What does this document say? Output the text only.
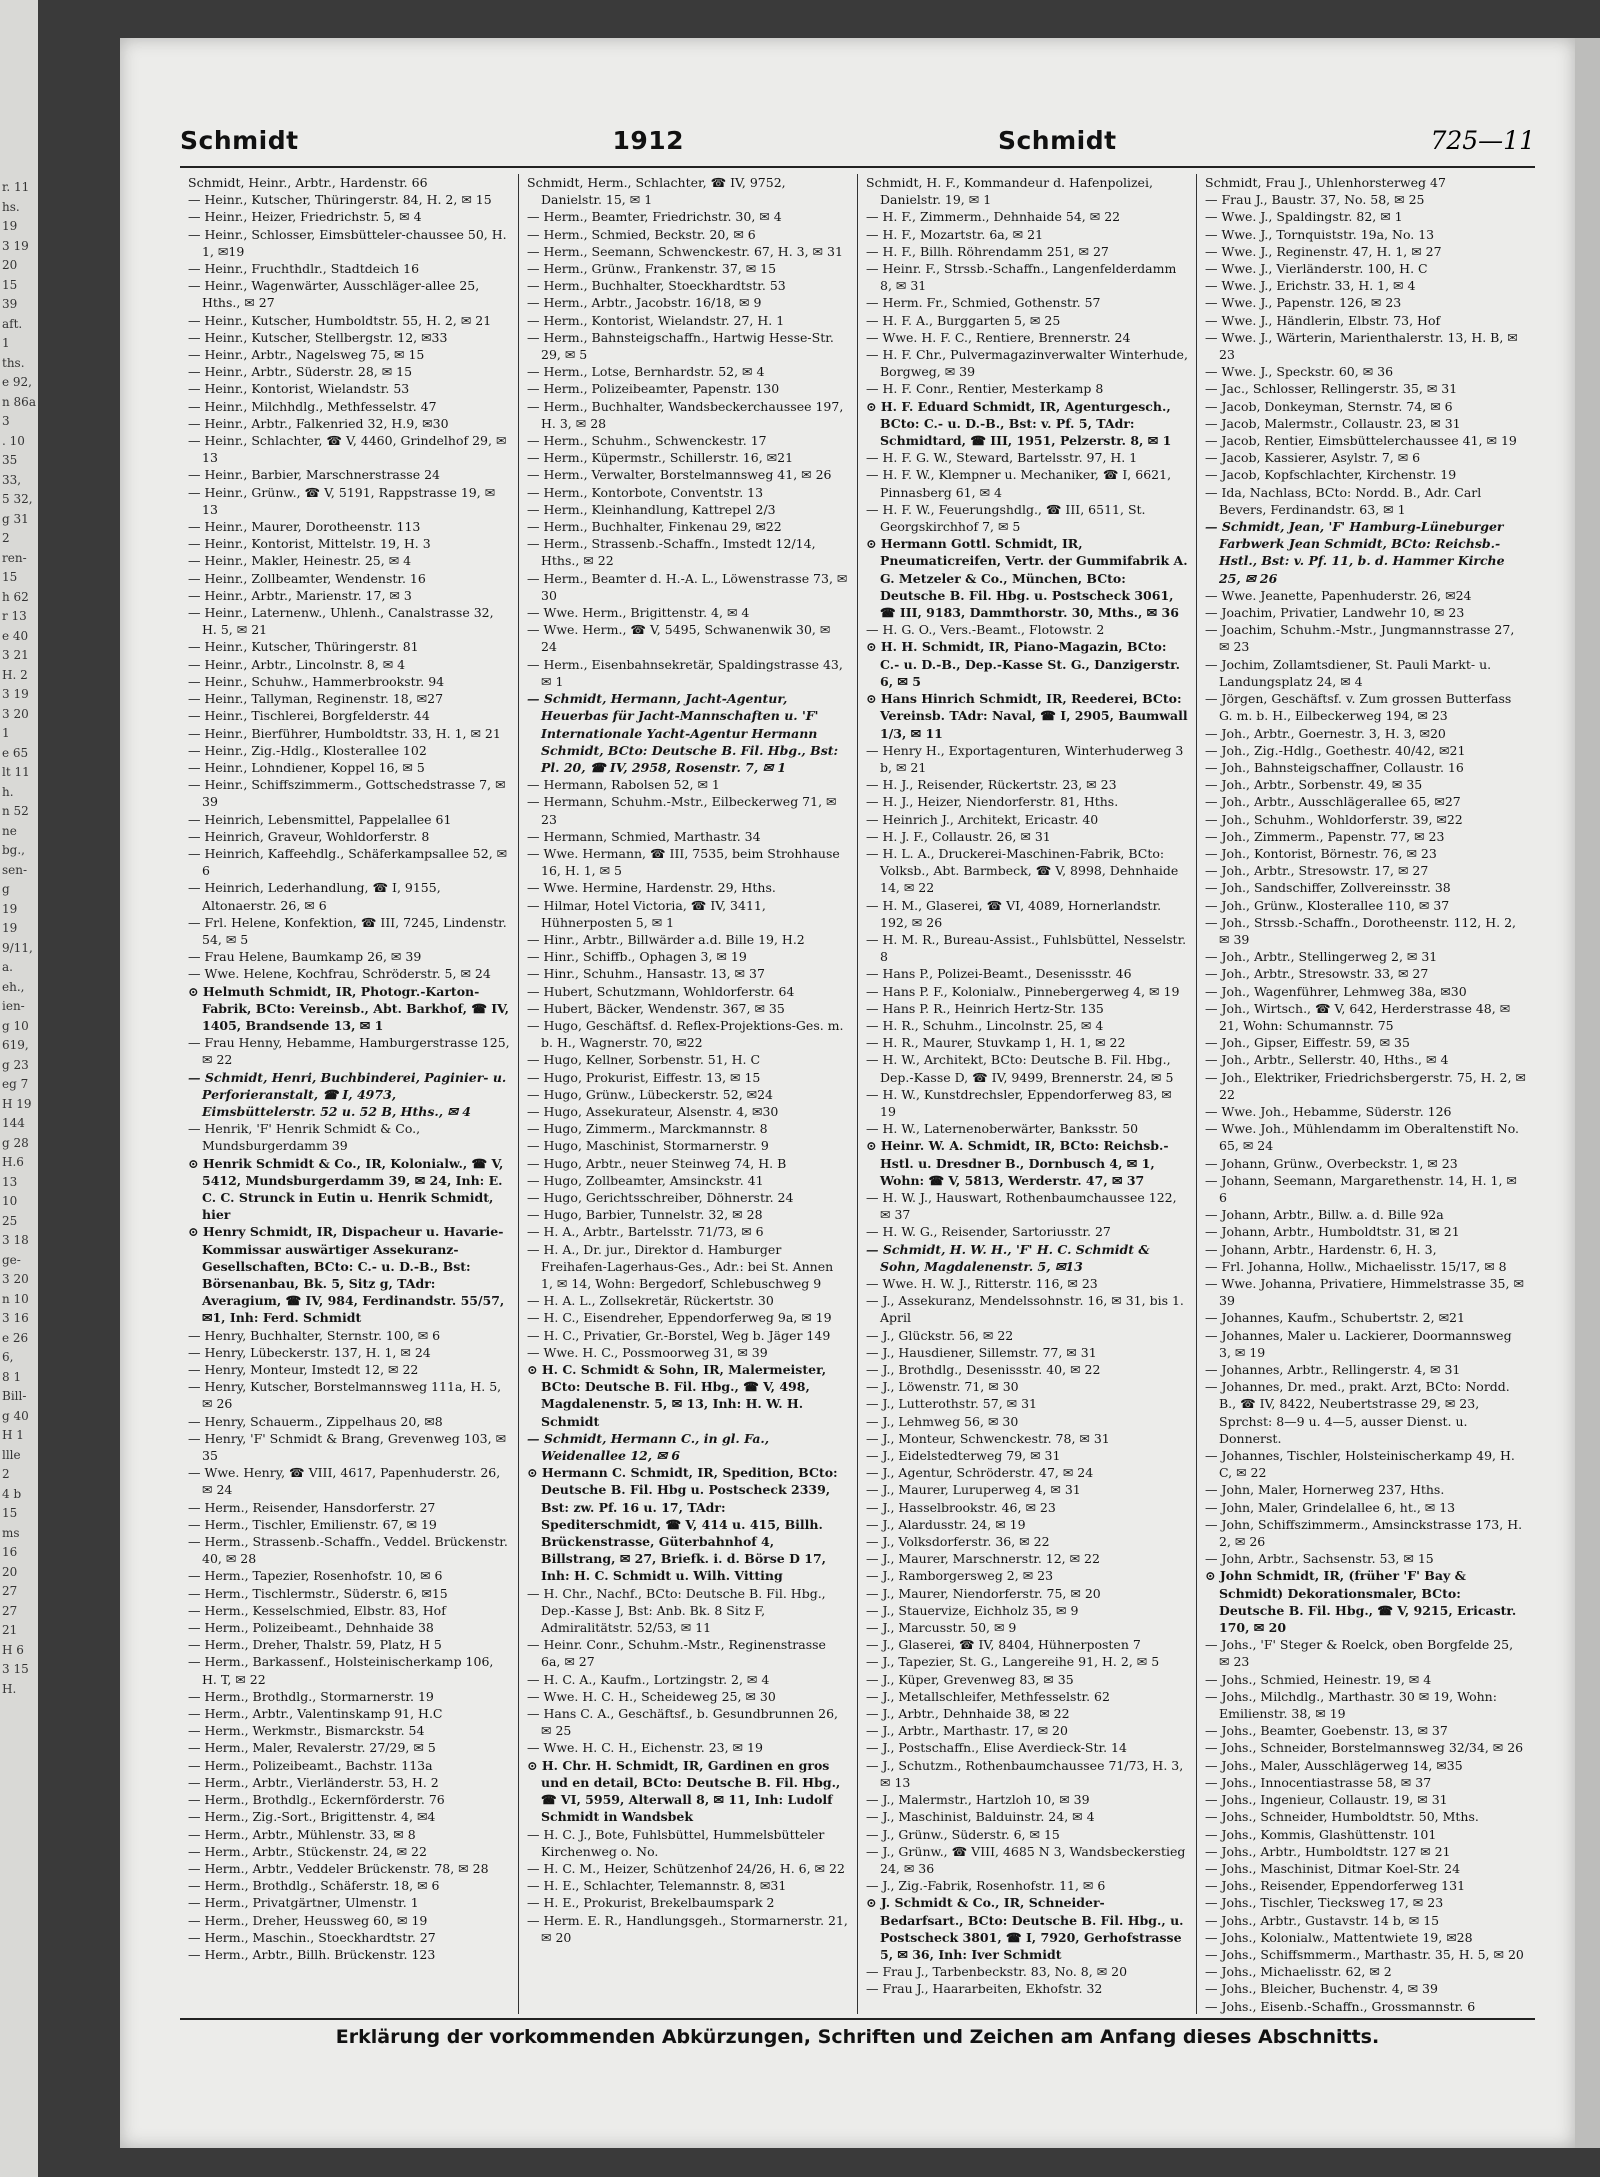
r. 11
hs.
19
3 19
20
15
39
aft.
1
ths.
e 92,
n 86a
3
. 10
35
33,
5 32,
g 31
2
ren-
15
h 62
r 13
e 40
3 21
H. 2
3 19
3 20
1
e 65
lt 11
h.
n 52
ne
bg.,
sen-
g
19
19
9/11,
a.
eh.,
ien-
g 10
619,
g 23
eg 7
H 19
144
g 28
H.6
13
10
25
3 18
ge-
3 20
n 10
3 16
e 26
6,
8 1
Bill-
g 40
H 1
llle
2
4 b
15
ms
16
20
27
27
21
H 6
3 15
H.
Schmidt	1912	Schmidt	725—11

Schmidt, Heinr., Arbtr., Hardenstr. 66

— Heinr., Kutscher, Thüringerstr. 84, H. 2, ✉ 15

— Heinr., Heizer, Friedrichstr. 5, ✉ 4

— Heinr., Schlosser, Eimsbütteler-chaussee 50, H. 1, ✉19

— Heinr., Fruchthdlr., Stadtdeich 16

— Heinr., Wagenwärter, Ausschläger-allee 25, Hths., ✉ 27

— Heinr., Kutscher, Humboldtstr. 55, H. 2, ✉ 21

— Heinr., Kutscher, Stellbergstr. 12, ✉33

— Heinr., Arbtr., Nagelsweg 75, ✉ 15

— Heinr., Arbtr., Süderstr. 28, ✉ 15

— Heinr., Kontorist, Wielandstr. 53

— Heinr., Milchhdlg., Methfesselstr. 47

— Heinr., Arbtr., Falkenried 32, H.9, ✉30

— Heinr., Schlachter, ☎ V, 4460, Grindelhof 29, ✉ 13

— Heinr., Barbier, Marschnerstrasse 24

— Heinr., Grünw., ☎ V, 5191, Rappstrasse 19, ✉ 13

— Heinr., Maurer, Dorotheenstr. 113

— Heinr., Kontorist, Mittelstr. 19, H. 3

— Heinr., Makler, Heinestr. 25, ✉ 4

— Heinr., Zollbeamter, Wendenstr. 16

— Heinr., Arbtr., Marienstr. 17, ✉ 3

— Heinr., Laternenw., Uhlenh., Canalstrasse 32, H. 5, ✉ 21

— Heinr., Kutscher, Thüringerstr. 81

— Heinr., Arbtr., Lincolnstr. 8, ✉ 4

— Heinr., Schuhw., Hammerbrookstr. 94

— Heinr., Tallyman, Reginenstr. 18, ✉27

— Heinr., Tischlerei, Borgfelderstr. 44

— Heinr., Bierführer, Humboldtstr. 33, H. 1, ✉ 21

— Heinr., Zig.-Hdlg., Klosterallee 102

— Heinr., Lohndiener, Koppel 16, ✉ 5

— Heinr., Schiffszimmerm., Gottschedstrasse 7, ✉ 39

— Heinrich, Lebensmittel, Pappelallee 61

— Heinrich, Graveur, Wohldorferstr. 8

— Heinrich, Kaffeehdlg., Schäferkampsallee 52, ✉ 6

— Heinrich, Lederhandlung, ☎ I, 9155, Altonaerstr. 26, ✉ 6

— Frl. Helene, Konfektion, ☎ III, 7245, Lindenstr. 54, ✉ 5

— Frau Helene, Baumkamp 26, ✉ 39

— Wwe. Helene, Kochfrau, Schröderstr. 5, ✉ 24

⊙ Helmuth Schmidt, IR, Photogr.-Karton-Fabrik, BCto: Vereinsb., Abt. Barkhof, ☎ IV, 1405, Brandsende 13, ✉ 1

— Frau Henny, Hebamme, Hamburgerstrasse 125, ✉ 22

— Schmidt, Henri, Buchbinderei, Paginier- u. Perforieranstalt, ☎ I, 4973, Eimsbüttelerstr. 52 u. 52 B, Hths., ✉ 4

— Henrik, 'F' Henrik Schmidt & Co., Mundsburgerdamm 39

⊙ Henrik Schmidt & Co., IR, Kolonialw., ☎ V, 5412, Mundsburgerdamm 39, ✉ 24, Inh: E. C. C. Strunck in Eutin u. Henrik Schmidt, hier

⊙ Henry Schmidt, IR, Dispacheur u. Havarie-Kommissar auswärtiger Assekuranz-Gesellschaften, BCto: C.- u. D.-B., Bst: Börsenanbau, Bk. 5, Sitz g, TAdr: Averagium, ☎ IV, 984, Ferdinandstr. 55/57, ✉1, Inh: Ferd. Schmidt

— Henry, Buchhalter, Sternstr. 100, ✉ 6

— Henry, Lübeckerstr. 137, H. 1, ✉ 24

— Henry, Monteur, Imstedt 12, ✉ 22

— Henry, Kutscher, Borstelmannsweg 111a, H. 5, ✉ 26

— Henry, Schauerm., Zippelhaus 20, ✉8

— Henry, 'F' Schmidt & Brang, Grevenweg 103, ✉ 35

— Wwe. Henry, ☎ VIII, 4617, Papenhuderstr. 26, ✉ 24

— Herm., Reisender, Hansdorferstr. 27

— Herm., Tischler, Emilienstr. 67, ✉ 19

— Herm., Strassenb.-Schaffn., Veddel. Brückenstr. 40, ✉ 28

— Herm., Tapezier, Rosenhofstr. 10, ✉ 6

— Herm., Tischlermstr., Süderstr. 6, ✉15

— Herm., Kesselschmied, Elbstr. 83, Hof

— Herm., Polizeibeamt., Dehnhaide 38

— Herm., Dreher, Thalstr. 59, Platz, H 5

— Herm., Barkassenf., Holsteinischerkamp 106, H. T, ✉ 22

— Herm., Brothdlg., Stormarnerstr. 19

— Herm., Arbtr., Valentinskamp 91, H.C

— Herm., Werkmstr., Bismarckstr. 54

— Herm., Maler, Revalerstr. 27/29, ✉ 5

— Herm., Polizeibeamt., Bachstr. 113a

— Herm., Arbtr., Vierländerstr. 53, H. 2

— Herm., Brothdlg., Eckernförderstr. 76

— Herm., Zig.-Sort., Brigittenstr. 4, ✉4

— Herm., Arbtr., Mühlenstr. 33, ✉ 8

— Herm., Arbtr., Stückenstr. 24, ✉ 22

— Herm., Arbtr., Veddeler Brückenstr. 78, ✉ 28

— Herm., Brothdlg., Schäferstr. 18, ✉ 6

— Herm., Privatgärtner, Ulmenstr. 1

— Herm., Dreher, Heussweg 60, ✉ 19

— Herm., Maschin., Stoeckhardtstr. 27

— Herm., Arbtr., Billh. Brückenstr. 123

Schmidt, Herm., Schlachter, ☎ IV, 9752, Danielstr. 15, ✉ 1

— Herm., Beamter, Friedrichstr. 30, ✉ 4

— Herm., Schmied, Beckstr. 20, ✉ 6

— Herm., Seemann, Schwenckestr. 67, H. 3, ✉ 31

— Herm., Grünw., Frankenstr. 37, ✉ 15

— Herm., Buchhalter, Stoeckhardtstr. 53

— Herm., Arbtr., Jacobstr. 16/18, ✉ 9

— Herm., Kontorist, Wielandstr. 27, H. 1

— Herm., Bahnsteigschaffn., Hartwig Hesse-Str. 29, ✉ 5

— Herm., Lotse, Bernhardstr. 52, ✉ 4

— Herm., Polizeibeamter, Papenstr. 130

— Herm., Buchhalter, Wandsbeckerchaussee 197, H. 3, ✉ 28

— Herm., Schuhm., Schwenckestr. 17

— Herm., Küpermstr., Schillerstr. 16, ✉21

— Herm., Verwalter, Borstelmannsweg 41, ✉ 26

— Herm., Kontorbote, Conventstr. 13

— Herm., Kleinhandlung, Kattrepel 2/3

— Herm., Buchhalter, Finkenau 29, ✉22

— Herm., Strassenb.-Schaffn., Imstedt 12/14, Hths., ✉ 22

— Herm., Beamter d. H.-A. L., Löwenstrasse 73, ✉ 30

— Wwe. Herm., Brigittenstr. 4, ✉ 4

— Wwe. Herm., ☎ V, 5495, Schwanenwik 30, ✉ 24

— Herm., Eisenbahnsekretär, Spaldingstrasse 43, ✉ 1

— Schmidt, Hermann, Jacht-Agentur, Heuerbas für Jacht-Mannschaften u. 'F' Internationale Yacht-Agentur Hermann Schmidt, BCto: Deutsche B. Fil. Hbg., Bst: Pl. 20, ☎ IV, 2958, Rosenstr. 7, ✉ 1

— Hermann, Rabolsen 52, ✉ 1

— Hermann, Schuhm.-Mstr., Eilbeckerweg 71, ✉ 23

— Hermann, Schmied, Marthastr. 34

— Wwe. Hermann, ☎ III, 7535, beim Strohhause 16, H. 1, ✉ 5

— Wwe. Hermine, Hardenstr. 29, Hths.

— Hilmar, Hotel Victoria, ☎ IV, 3411, Hühnerposten 5, ✉ 1

— Hinr., Arbtr., Billwärder a.d. Bille 19, H.2

— Hinr., Schiffb., Ophagen 3, ✉ 19

— Hinr., Schuhm., Hansastr. 13, ✉ 37

— Hubert, Schutzmann, Wohldorferstr. 64

— Hubert, Bäcker, Wendenstr. 367, ✉ 35

— Hugo, Geschäftsf. d. Reflex-Projektions-Ges. m. b. H., Wagnerstr. 70, ✉22

— Hugo, Kellner, Sorbenstr. 51, H. C

— Hugo, Prokurist, Eiffestr. 13, ✉ 15

— Hugo, Grünw., Lübeckerstr. 52, ✉24

— Hugo, Assekurateur, Alsenstr. 4, ✉30

— Hugo, Zimmerm., Marckmannstr. 8

— Hugo, Maschinist, Stormarnerstr. 9

— Hugo, Arbtr., neuer Steinweg 74, H. B

— Hugo, Zollbeamter, Amsinckstr. 41

— Hugo, Gerichtsschreiber, Döhnerstr. 24

— Hugo, Barbier, Tunnelstr. 32, ✉ 28

— H. A., Arbtr., Bartelsstr. 71/73, ✉ 6

— H. A., Dr. jur., Direktor d. Hamburger Freihafen-Lagerhaus-Ges., Adr.: bei St. Annen 1, ✉ 14, Wohn: Bergedorf, Schlebuschweg 9

— H. A. L., Zollsekretär, Rückertstr. 30

— H. C., Eisendreher, Eppendorferweg 9a, ✉ 19

— H. C., Privatier, Gr.-Borstel, Weg b. Jäger 149

— Wwe. H. C., Possmoorweg 31, ✉ 39

⊙ H. C. Schmidt & Sohn, IR, Malermeister, BCto: Deutsche B. Fil. Hbg., ☎ V, 498, Magdalenenstr. 5, ✉ 13, Inh: H. W. H. Schmidt

— Schmidt, Hermann C., in gl. Fa., Weidenallee 12, ✉ 6

⊙ Hermann C. Schmidt, IR, Spedition, BCto: Deutsche B. Fil. Hbg u. Postscheck 2339, Bst: zw. Pf. 16 u. 17, TAdr: Spediterschmidt, ☎ V, 414 u. 415, Billh. Brückenstrasse, Güterbahnhof 4, Billstrang, ✉ 27, Briefk. i. d. Börse D 17, Inh: H. C. Schmidt u. Wilh. Vitting

— H. Chr., Nachf., BCto: Deutsche B. Fil. Hbg., Dep.-Kasse J, Bst: Anb. Bk. 8 Sitz F, Admiralitätstr. 52/53, ✉ 11

— Heinr. Conr., Schuhm.-Mstr., Reginenstrasse 6a, ✉ 27

— H. C. A., Kaufm., Lortzingstr. 2, ✉ 4

— Wwe. H. C. H., Scheideweg 25, ✉ 30

— Hans C. A., Geschäftsf., b. Gesundbrunnen 26, ✉ 25

— Wwe. H. C. H., Eichenstr. 23, ✉ 19

⊙ H. Chr. H. Schmidt, IR, Gardinen en gros und en detail, BCto: Deutsche B. Fil. Hbg., ☎ VI, 5959, Alterwall 8, ✉ 11, Inh: Ludolf Schmidt in Wandsbek

— H. C. J., Bote, Fuhlsbüttel, Hummelsbütteler Kirchenweg o. No.

— H. C. M., Heizer, Schützenhof 24/26, H. 6, ✉ 22

— H. E., Schlachter, Telemannstr. 8, ✉31

— H. E., Prokurist, Brekelbaumspark 2

— Herm. E. R., Handlungsgeh., Stormarnerstr. 21, ✉ 20

Schmidt, H. F., Kommandeur d. Hafenpolizei, Danielstr. 19, ✉ 1

— H. F., Zimmerm., Dehnhaide 54, ✉ 22

— H. F., Mozartstr. 6a, ✉ 21

— H. F., Billh. Röhrendamm 251, ✉ 27

— Heinr. F., Strssb.-Schaffn., Langenfelderdamm 8, ✉ 31

— Herm. Fr., Schmied, Gothenstr. 57

— H. F. A., Burggarten 5, ✉ 25

— Wwe. H. F. C., Rentiere, Brennerstr. 24

— H. F. Chr., Pulvermagazinverwalter Winterhude, Borgweg, ✉ 39

— H. F. Conr., Rentier, Mesterkamp 8

⊙ H. F. Eduard Schmidt, IR, Agenturgesch., BCto: C.- u. D.-B., Bst: v. Pf. 5, TAdr: Schmidtard, ☎ III, 1951, Pelzerstr. 8, ✉ 1

— H. F. G. W., Steward, Bartelsstr. 97, H. 1

— H. F. W., Klempner u. Mechaniker, ☎ I, 6621, Pinnasberg 61, ✉ 4

— H. F. W., Feuerungshdlg., ☎ III, 6511, St. Georgskirchhof 7, ✉ 5

⊙ Hermann Gottl. Schmidt, IR, Pneumaticreifen, Vertr. der Gummifabrik A. G. Metzeler & Co., München, BCto: Deutsche B. Fil. Hbg. u. Postscheck 3061, ☎ III, 9183, Dammthorstr. 30, Mths., ✉ 36

— H. G. O., Vers.-Beamt., Flotowstr. 2

⊙ H. H. Schmidt, IR, Piano-Magazin, BCto: C.- u. D.-B., Dep.-Kasse St. G., Danzigerstr. 6, ✉ 5

⊙ Hans Hinrich Schmidt, IR, Reederei, BCto: Vereinsb. TAdr: Naval, ☎ I, 2905, Baumwall 1/3, ✉ 11

— Henry H., Exportagenturen, Winterhuderweg 3 b, ✉ 21

— H. J., Reisender, Rückertstr. 23, ✉ 23

— H. J., Heizer, Niendorferstr. 81, Hths.

— Heinrich J., Architekt, Ericastr. 40

— H. J. F., Collaustr. 26, ✉ 31

— H. L. A., Druckerei-Maschinen-Fabrik, BCto: Volksb., Abt. Barmbeck, ☎ V, 8998, Dehnhaide 14, ✉ 22

— H. M., Glaserei, ☎ VI, 4089, Hornerlandstr. 192, ✉ 26

— H. M. R., Bureau-Assist., Fuhlsbüttel, Nesselstr. 8

— Hans P., Polizei-Beamt., Desenissstr. 46

— Hans P. F., Kolonialw., Pinnebergerweg 4, ✉ 19

— Hans P. R., Heinrich Hertz-Str. 135

— H. R., Schuhm., Lincolnstr. 25, ✉ 4

— H. R., Maurer, Stuvkamp 1, H. 1, ✉ 22

— H. W., Architekt, BCto: Deutsche B. Fil. Hbg., Dep.-Kasse D, ☎ IV, 9499, Brennerstr. 24, ✉ 5

— H. W., Kunstdrechsler, Eppendorferweg 83, ✉ 19

— H. W., Laternenoberwärter, Banksstr. 50

⊙ Heinr. W. A. Schmidt, IR, BCto: Reichsb.-Hstl. u. Dresdner B., Dornbusch 4, ✉ 1, Wohn: ☎ V, 5813, Werderstr. 47, ✉ 37

— H. W. J., Hauswart, Rothenbaumchaussee 122, ✉ 37

— H. W. G., Reisender, Sartoriusstr. 27

— Schmidt, H. W. H., 'F' H. C. Schmidt & Sohn, Magdalenenstr. 5, ✉13

— Wwe. H. W. J., Ritterstr. 116, ✉ 23

— J., Assekuranz, Mendelssohnstr. 16, ✉ 31, bis 1. April

— J., Glückstr. 56, ✉ 22

— J., Hausdiener, Sillemstr. 77, ✉ 31

— J., Brothdlg., Desenissstr. 40, ✉ 22

— J., Löwenstr. 71, ✉ 30

— J., Lutterothstr. 57, ✉ 31

— J., Lehmweg 56, ✉ 30

— J., Monteur, Schwenckestr. 78, ✉ 31

— J., Eidelstedterweg 79, ✉ 31

— J., Agentur, Schröderstr. 47, ✉ 24

— J., Maurer, Luruperweg 4, ✉ 31

— J., Hasselbrookstr. 46, ✉ 23

— J., Alardusstr. 24, ✉ 19

— J., Volksdorferstr. 36, ✉ 22

— J., Maurer, Marschnerstr. 12, ✉ 22

— J., Ramborgersweg 2, ✉ 23

— J., Maurer, Niendorferstr. 75, ✉ 20

— J., Stauervize, Eichholz 35, ✉ 9

— J., Marcusstr. 50, ✉ 9

— J., Glaserei, ☎ IV, 8404, Hühnerposten 7

— J., Tapezier, St. G., Langereihe 91, H. 2, ✉ 5

— J., Küper, Grevenweg 83, ✉ 35

— J., Metallschleifer, Methfesselstr. 62

— J., Arbtr., Dehnhaide 38, ✉ 22

— J., Arbtr., Marthastr. 17, ✉ 20

— J., Postschaffn., Elise Averdieck-Str. 14

— J., Schutzm., Rothenbaumchaussee 71/73, H. 3, ✉ 13

— J., Malermstr., Hartzloh 10, ✉ 39

— J., Maschinist, Balduinstr. 24, ✉ 4

— J., Grünw., Süderstr. 6, ✉ 15

— J., Grünw., ☎ VIII, 4685 N 3, Wandsbeckerstieg 24, ✉ 36

— J., Zig.-Fabrik, Rosenhofstr. 11, ✉ 6

⊙ J. Schmidt & Co., IR, Schneider-Bedarfsart., BCto: Deutsche B. Fil. Hbg., u. Postscheck 3801, ☎ I, 7920, Gerhofstrasse 5, ✉ 36, Inh: Iver Schmidt

— Frau J., Tarbenbeckstr. 83, No. 8, ✉ 20

— Frau J., Haararbeiten, Ekhofstr. 32

Schmidt, Frau J., Uhlenhorsterweg 47

— Frau J., Baustr. 37, No. 58, ✉ 25

— Wwe. J., Spaldingstr. 82, ✉ 1

— Wwe. J., Tornquiststr. 19a, No. 13

— Wwe. J., Reginenstr. 47, H. 1, ✉ 27

— Wwe. J., Vierländerstr. 100, H. C

— Wwe. J., Erichstr. 33, H. 1, ✉ 4

— Wwe. J., Papenstr. 126, ✉ 23

— Wwe. J., Händlerin, Elbstr. 73, Hof

— Wwe. J., Wärterin, Marienthalerstr. 13, H. B, ✉ 23

— Wwe. J., Speckstr. 60, ✉ 36

— Jac., Schlosser, Rellingerstr. 35, ✉ 31

— Jacob, Donkeyman, Sternstr. 74, ✉ 6

— Jacob, Malermstr., Collaustr. 23, ✉ 31

— Jacob, Rentier, Eimsbüttelerchaussee 41, ✉ 19

— Jacob, Kassierer, Asylstr. 7, ✉ 6

— Jacob, Kopfschlachter, Kirchenstr. 19

— Ida, Nachlass, BCto: Nordd. B., Adr. Carl Bevers, Ferdinandstr. 63, ✉ 1

— Schmidt, Jean, 'F' Hamburg-Lüneburger Farbwerk Jean Schmidt, BCto: Reichsb.-Hstl., Bst: v. Pf. 11, b. d. Hammer Kirche 25, ✉ 26

— Wwe. Jeanette, Papenhuderstr. 26, ✉24

— Joachim, Privatier, Landwehr 10, ✉ 23

— Joachim, Schuhm.-Mstr., Jungmannstrasse 27, ✉ 23

— Jochim, Zollamtsdiener, St. Pauli Markt- u. Landungsplatz 24, ✉ 4

— Jörgen, Geschäftsf. v. Zum grossen Butterfass G. m. b. H., Eilbeckerweg 194, ✉ 23

— Joh., Arbtr., Goernestr. 3, H. 3, ✉20

— Joh., Zig.-Hdlg., Goethestr. 40/42, ✉21

— Joh., Bahnsteigschaffner, Collaustr. 16

— Joh., Arbtr., Sorbenstr. 49, ✉ 35

— Joh., Arbtr., Ausschlägerallee 65, ✉27

— Joh., Schuhm., Wohldorferstr. 39, ✉22

— Joh., Zimmerm., Papenstr. 77, ✉ 23

— Joh., Kontorist, Börnestr. 76, ✉ 23

— Joh., Arbtr., Stresowstr. 17, ✉ 27

— Joh., Sandschiffer, Zollvereinsstr. 38

— Joh., Grünw., Klosterallee 110, ✉ 37

— Joh., Strssb.-Schaffn., Dorotheenstr. 112, H. 2, ✉ 39

— Joh., Arbtr., Stellingerweg 2, ✉ 31

— Joh., Arbtr., Stresowstr. 33, ✉ 27

— Joh., Wagenführer, Lehmweg 38a, ✉30

— Joh., Wirtsch., ☎ V, 642, Herderstrasse 48, ✉21, Wohn: Schumannstr. 75

— Joh., Gipser, Eiffestr. 59, ✉ 35

— Joh., Arbtr., Sellerstr. 40, Hths., ✉ 4

— Joh., Elektriker, Friedrichsbergerstr. 75, H. 2, ✉ 22

— Wwe. Joh., Hebamme, Süderstr. 126

— Wwe. Joh., Mühlendamm im Oberaltenstift No. 65, ✉ 24

— Johann, Grünw., Overbeckstr. 1, ✉ 23

— Johann, Seemann, Margarethenstr. 14, H. 1, ✉ 6

— Johann, Arbtr., Billw. a. d. Bille 92a

— Johann, Arbtr., Humboldtstr. 31, ✉ 21

— Johann, Arbtr., Hardenstr. 6, H. 3,

— Frl. Johanna, Hollw., Michaelisstr. 15/17, ✉ 8

— Wwe. Johanna, Privatiere, Himmelstrasse 35, ✉ 39

— Johannes, Kaufm., Schubertstr. 2, ✉21

— Johannes, Maler u. Lackierer, Doormannsweg 3, ✉ 19

— Johannes, Arbtr., Rellingerstr. 4, ✉ 31

— Johannes, Dr. med., prakt. Arzt, BCto: Nordd. B., ☎ IV, 8422, Neubertstrasse 29, ✉ 23, Sprchst: 8—9 u. 4—5, ausser Dienst. u. Donnerst.

— Johannes, Tischler, Holsteinischerkamp 49, H. C, ✉ 22

— John, Maler, Hornerweg 237, Hths.

— John, Maler, Grindelallee 6, ht., ✉ 13

— John, Schiffszimmerm., Amsinckstrasse 173, H. 2, ✉ 26

— John, Arbtr., Sachsenstr. 53, ✉ 15

⊙ John Schmidt, IR, (früher 'F' Bay & Schmidt) Dekorationsmaler, BCto: Deutsche B. Fil. Hbg., ☎ V, 9215, Ericastr. 170, ✉ 20

— Johs., 'F' Steger & Roelck, oben Borgfelde 25, ✉ 23

— Johs., Schmied, Heinestr. 19, ✉ 4

— Johs., Milchdlg., Marthastr. 30 ✉ 19, Wohn: Emilienstr. 38, ✉ 19

— Johs., Beamter, Goebenstr. 13, ✉ 37

— Johs., Schneider, Borstelmannsweg 32/34, ✉ 26

— Johs., Maler, Ausschlägerweg 14, ✉35

— Johs., Innocentiastrasse 58, ✉ 37

— Johs., Ingenieur, Collaustr. 19, ✉ 31

— Johs., Schneider, Humboldtstr. 50, Mths.

— Johs., Kommis, Glashüttenstr. 101

— Johs., Arbtr., Humboldtstr. 127 ✉ 21

— Johs., Maschinist, Ditmar Koel-Str. 24

— Johs., Reisender, Eppendorferweg 131

— Johs., Tischler, Tiecksweg 17, ✉ 23

— Johs., Arbtr., Gustavstr. 14 b, ✉ 15

— Johs., Kolonialw., Mattentwiete 19, ✉28

— Johs., Schiffsmmerm., Marthastr. 35, H. 5, ✉ 20

— Johs., Michaelisstr. 62, ✉ 2

— Johs., Bleicher, Buchenstr. 4, ✉ 39

— Johs., Eisenb.-Schaffn., Grossmannstr. 6

Erklärung der vorkommenden Abkürzungen, Schriften und Zeichen am Anfang dieses Abschnitts.
